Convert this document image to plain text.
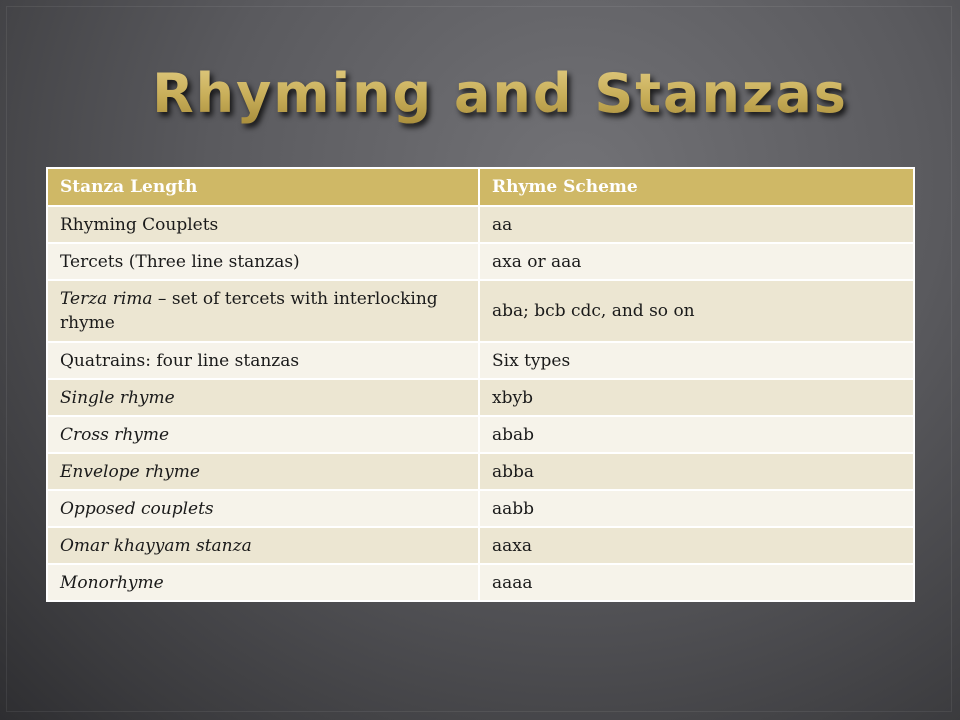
Rhyming and Stanzas
Stanza Length	Rhyme Scheme
Rhyming Couplets	aa
Tercets (Three line stanzas)	axa or aaa
Terza rima – set of tercets with interlocking rhyme	aba; bcb cdc, and so on
Quatrains: four line stanzas	Six types
Single rhyme	xbyb
Cross rhyme	abab
Envelope rhyme	abba
Opposed couplets	aabb
Omar khayyam stanza	aaxa
Monorhyme	aaaa
